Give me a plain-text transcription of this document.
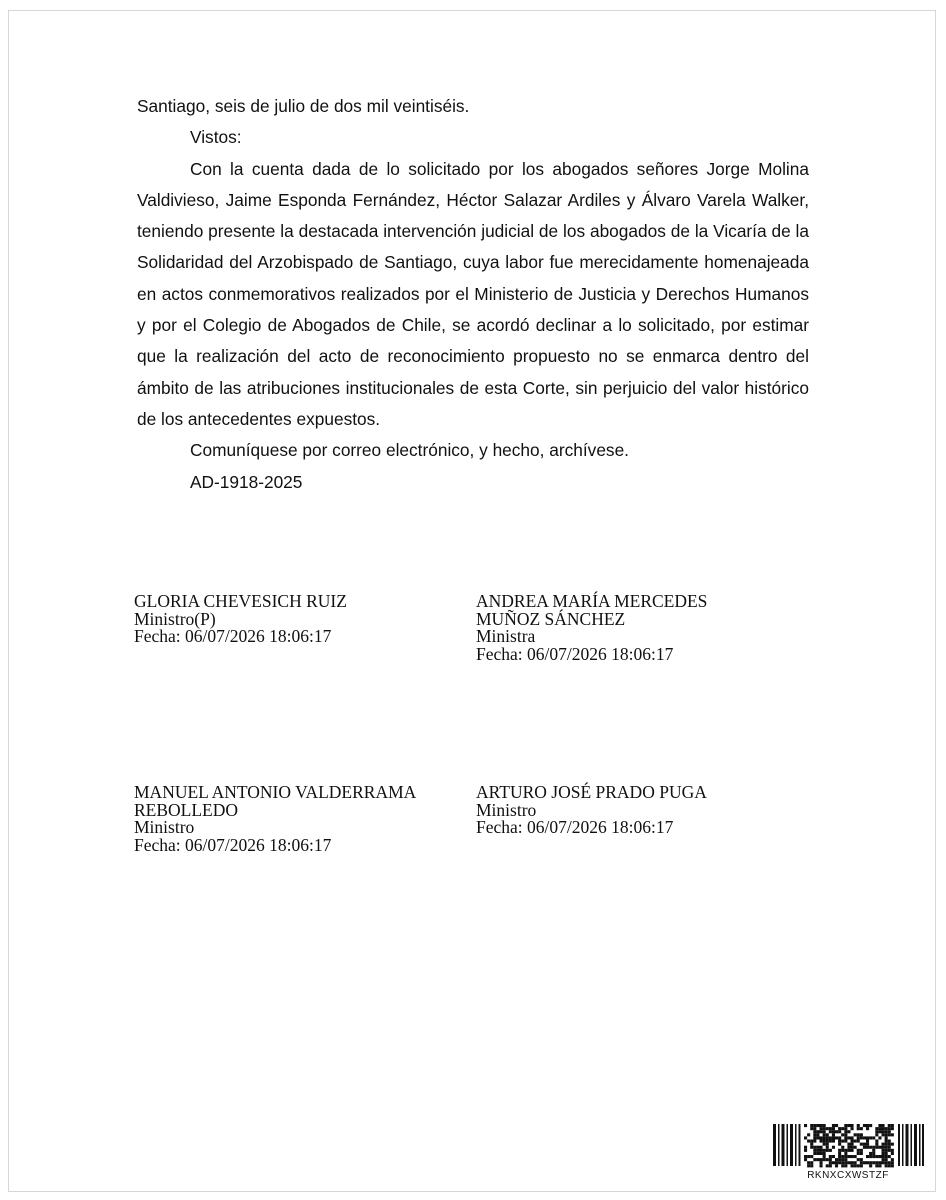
Santiago, seis de julio de dos mil veintiséis.

Vistos:

Con la cuenta dada de lo solicitado por los abogados señores Jorge Molina Valdivieso, Jaime Esponda Fernández, Héctor Salazar Ardiles y Álvaro Varela Walker, teniendo presente la destacada intervención judicial de los abogados de la Vicaría de la Solidaridad del Arzobispado de Santiago, cuya labor fue merecidamente homenajeada en actos conmemorativos realizados por el Ministerio de Justicia y Derechos Humanos y por el Colegio de Abogados de Chile, se acordó declinar a lo solicitado, por estimar que la realización del acto de reconocimiento propuesto no se enmarca dentro del ámbito de las atribuciones institucionales de esta Corte, sin perjuicio del valor histórico de los antecedentes expuestos.

Comuníquese por correo electrónico, y hecho, archívese.

AD-1918-2025

GLORIA CHEVESICH RUIZ
Ministro(P)
Fecha: 06/07/2026 18:06:17
ANDREA MARÍA MERCEDES
MUÑOZ SÁNCHEZ
Ministra
Fecha: 06/07/2026 18:06:17
MANUEL ANTONIO VALDERRAMA
REBOLLEDO
Ministro
Fecha: 06/07/2026 18:06:17
ARTURO JOSÉ PRADO PUGA
Ministro
Fecha: 06/07/2026 18:06:17
RKNXCXWSTZF
